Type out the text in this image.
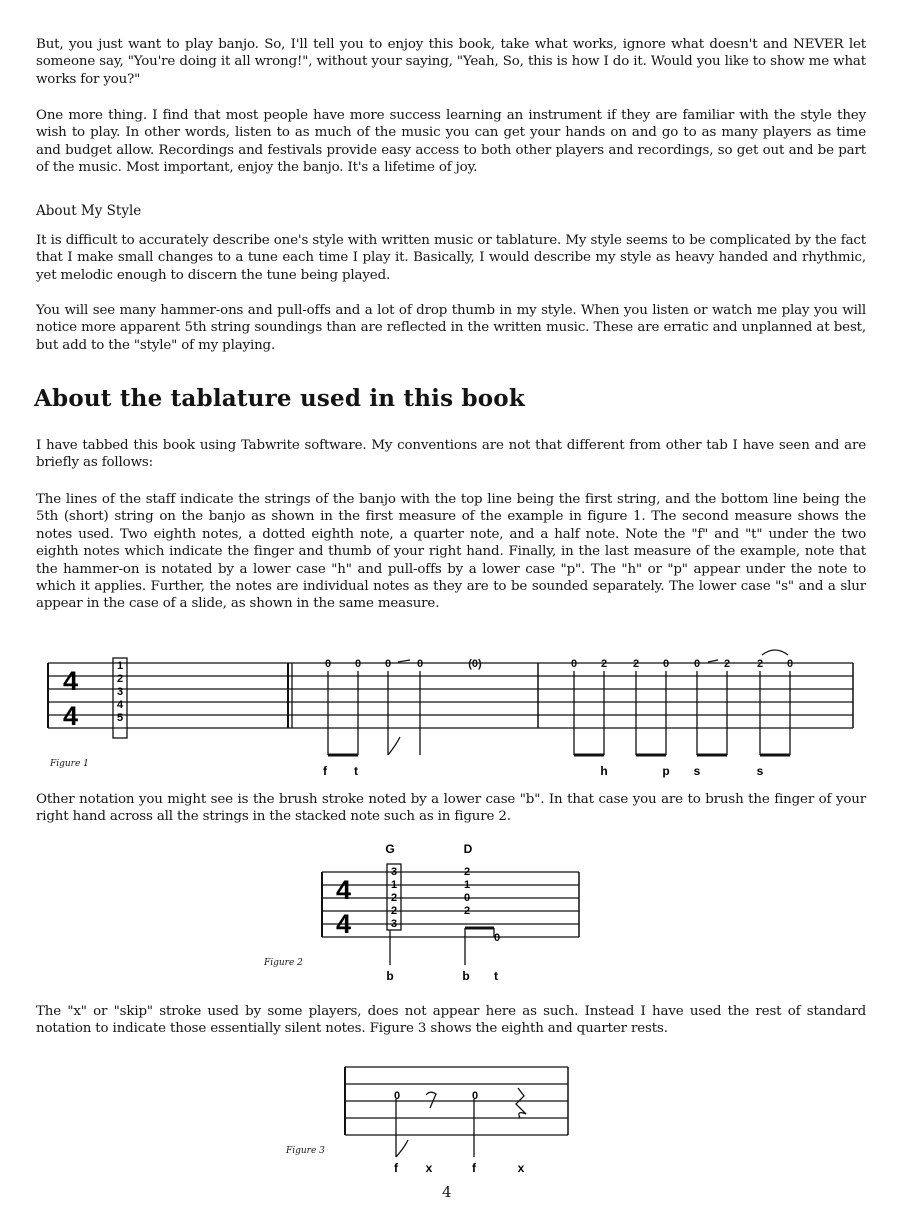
But, you just want to play banjo. So, I'll tell you to enjoy this book, take what works, ignore what doesn't and NEVER let someone say, "You're doing it all wrong!", without your saying, "Yeah, So, this is how I do it. Would you like to show me what works for you?"

One more thing. I find that most people have more success learning an instrument if they are familiar with the style they wish to play. In other words, listen to as much of the music you can get your hands on and go to as many players as time and budget allow. Recordings and festivals provide easy access to both other players and recordings, so get out and be part of the music. Most important, enjoy the banjo. It's a lifetime of joy.

About My Style

It is difficult to accurately describe one's style with written music or tablature. My style seems to be complicated by the fact that I make small changes to a tune each time I play it. Basically, I would describe my style as heavy handed and rhythmic, yet melodic enough to discern the tune being played.

You will see many hammer-ons and pull-offs and a lot of drop thumb in my style. When you listen or watch me play you will notice more apparent 5th string soundings than are reflected in the written music. These are erratic and unplanned at best, but add to the "style" of my playing.

About the tablature used in this book

I have tabbed this book using Tabwrite software. My conventions are not that different from other tab I have seen and are briefly as follows:

The lines of the staff indicate the strings of the banjo with the top line being the first string, and the bottom line being the 5th (short) string on the banjo as shown in the first measure of the example in figure 1. The second measure shows the notes used. Two eighth notes, a dotted eighth note, a quarter note, and a half note. Note the "f" and "t" under the two eighth notes which indicate the finger and thumb of your right hand. Finally, in the last measure of the example, note that the hammer-on is notated by a lower case "h" and pull-offs by a lower case "p". The "h" or "p" appear under the note to which it applies. Further, the notes are individual notes as they are to be sounded separately. The lower case "s" and a slur appear in the case of a slide, as shown in the same measure.

4
4
1
2
3
4
5
0 0 0 0	(0)	0 2 2 0 0 2 2 0
f t	h	p s	s
Figure 1

Other notation you might see is the brush stroke noted by a lower case "b". In that case you are to brush the finger of your right hand across all the strings in the stacked note such as in figure 2.

G	D
4
4
3
1
2
2
3
2
1
0
2
0
b	b t
Figure 2

The "x" or "skip" stroke used by some players, does not appear here as such. Instead I have used the rest of standard notation to indicate those essentially silent notes. Figure 3 shows the eighth and quarter rests.

0	0
f x	f	x
Figure 3
4
